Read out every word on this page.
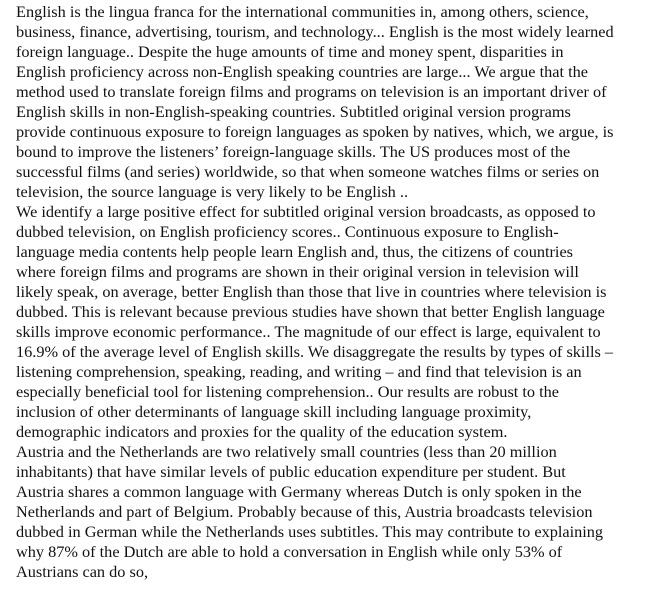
English is the lingua franca for the international communities in, among others, science,
business, finance, advertising, tourism, and technology... English is the most widely learned
foreign language.. Despite the huge amounts of time and money spent, disparities in
English proficiency across non-English speaking countries are large... We argue that the
method used to translate foreign films and programs on television is an important driver of
English skills in non-English-speaking countries. Subtitled original version programs
provide continuous exposure to foreign languages as spoken by natives, which, we argue, is
bound to improve the listeners’ foreign-language skills. The US produces most of the
successful films (and series) worldwide, so that when someone watches films or series on
television, the source language is very likely to be English ..

We identify a large positive effect for subtitled original version broadcasts, as opposed to
dubbed television, on English proficiency scores.. Continuous exposure to English-
language media contents help people learn English and, thus, the citizens of countries
where foreign films and programs are shown in their original version in television will
likely speak, on average, better English than those that live in countries where television is
dubbed. This is relevant because previous studies have shown that better English language
skills improve economic performance.. The magnitude of our effect is large, equivalent to
16.9% of the average level of English skills. We disaggregate the results by types of skills –
listening comprehension, speaking, reading, and writing – and find that television is an
especially beneficial tool for listening comprehension.. Our results are robust to the
inclusion of other determinants of language skill including language proximity,
demographic indicators and proxies for the quality of the education system.

Austria and the Netherlands are two relatively small countries (less than 20 million
inhabitants) that have similar levels of public education expenditure per student. But
Austria shares a common language with Germany whereas Dutch is only spoken in the
Netherlands and part of Belgium. Probably because of this, Austria broadcasts television
dubbed in German while the Netherlands uses subtitles. This may contribute to explaining
why 87% of the Dutch are able to hold a conversation in English while only 53% of
Austrians can do so,
